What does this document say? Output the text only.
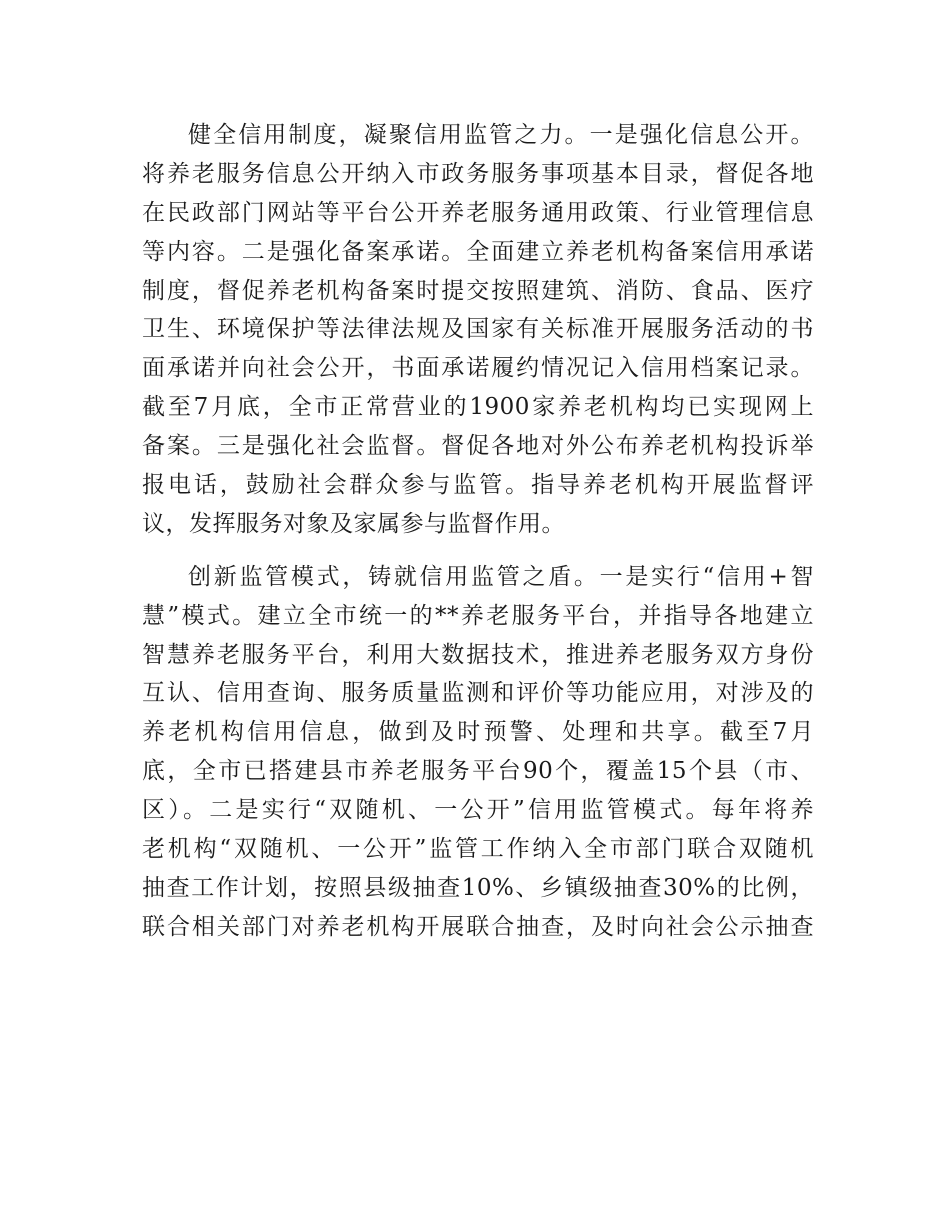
健全信用制度，凝聚信用监管之力。一是强化信息公开。
将养老服务信息公开纳入市政务服务事项基本目录，督促各地
在民政部门网站等平台公开养老服务通用政策、行业管理信息
等内容。二是强化备案承诺。全面建立养老机构备案信用承诺
制度，督促养老机构备案时提交按照建筑、消防、食品、医疗
卫生、环境保护等法律法规及国家有关标准开展服务活动的书
面承诺并向社会公开，书面承诺履约情况记入信用档案记录。
截至7月底，全市正常营业的1900家养老机构均已实现网上
备案。三是强化社会监督。督促各地对外公布养老机构投诉举
报电话，鼓励社会群众参与监管。指导养老机构开展监督评
议，发挥服务对象及家属参与监督作用。
创新监管模式，铸就信用监管之盾。一是实行“信用+智
慧”模式。建立全市统一的**养老服务平台，并指导各地建立
智慧养老服务平台，利用大数据技术，推进养老服务双方身份
互认、信用查询、服务质量监测和评价等功能应用，对涉及的
养老机构信用信息，做到及时预警、处理和共享。截至7月
底，全市已搭建县市养老服务平台90个，覆盖15个县（市、
区）。二是实行“双随机、一公开”信用监管模式。每年将养
老机构“双随机、一公开”监管工作纳入全市部门联合双随机
抽查工作计划，按照县级抽查10%、乡镇级抽查30%的比例，
联合相关部门对养老机构开展联合抽查，及时向社会公示抽查
